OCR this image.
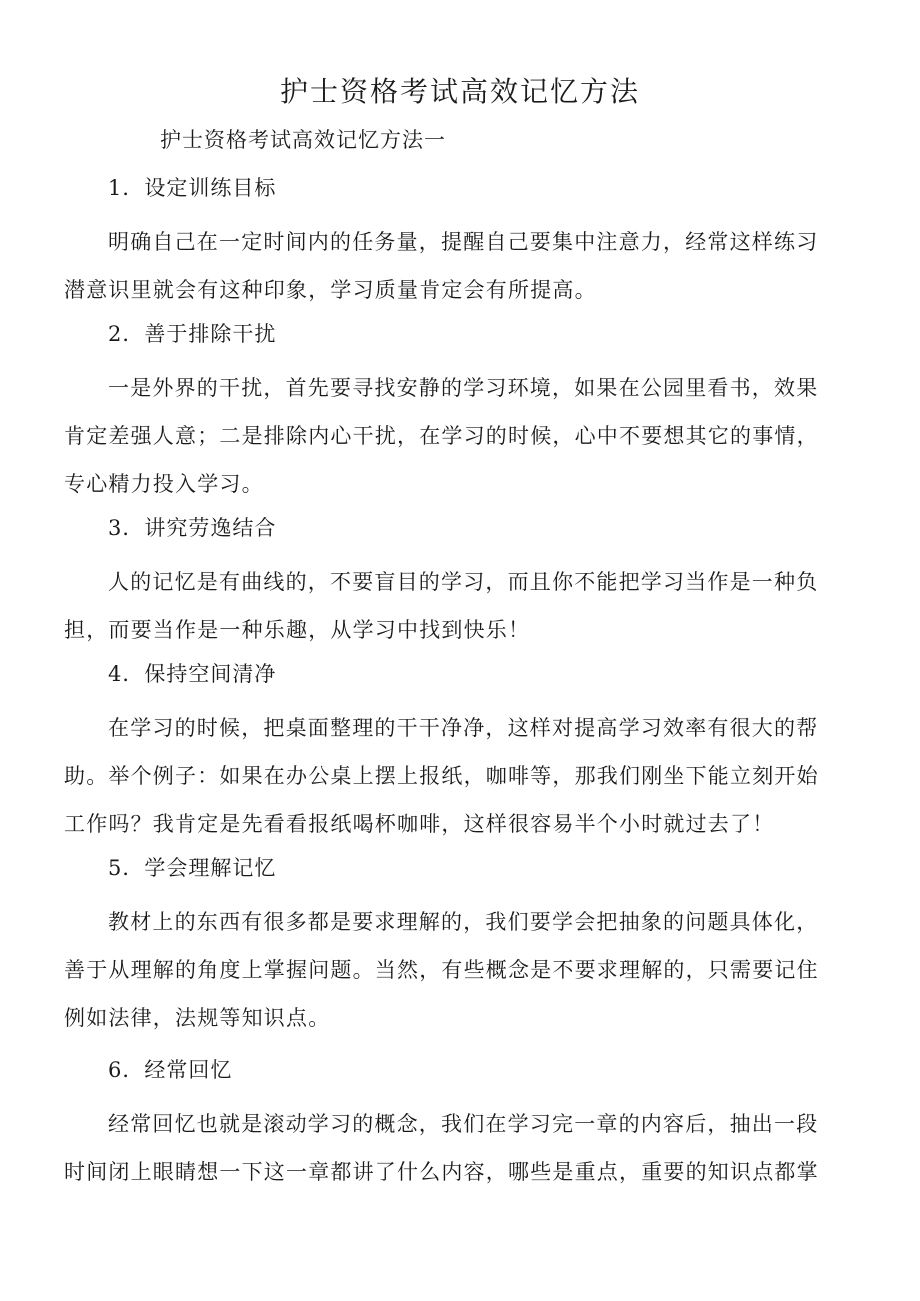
护士资格考试高效记忆方法

护士资格考试高效记忆方法一

1．设定训练目标

明确自己在一定时间内的任务量，提醒自己要集中注意力，经常这样练习
潜意识里就会有这种印象，学习质量肯定会有所提高。

2．善于排除干扰

一是外界的干扰，首先要寻找安静的学习环境，如果在公园里看书，效果
肯定差强人意；二是排除内心干扰，在学习的时候，心中不要想其它的事情，
专心精力投入学习。

3．讲究劳逸结合

人的记忆是有曲线的，不要盲目的学习，而且你不能把学习当作是一种负
担，而要当作是一种乐趣，从学习中找到快乐！

4．保持空间清净

在学习的时候，把桌面整理的干干净净，这样对提高学习效率有很大的帮
助。举个例子：如果在办公桌上摆上报纸，咖啡等，那我们刚坐下能立刻开始
工作吗？我肯定是先看看报纸喝杯咖啡，这样很容易半个小时就过去了！

5．学会理解记忆

教材上的东西有很多都是要求理解的，我们要学会把抽象的问题具体化，
善于从理解的角度上掌握问题。当然，有些概念是不要求理解的，只需要记住
例如法律，法规等知识点。

6．经常回忆

经常回忆也就是滚动学习的概念，我们在学习完一章的内容后，抽出一段
时间闭上眼睛想一下这一章都讲了什么内容，哪些是重点，重要的知识点都掌
